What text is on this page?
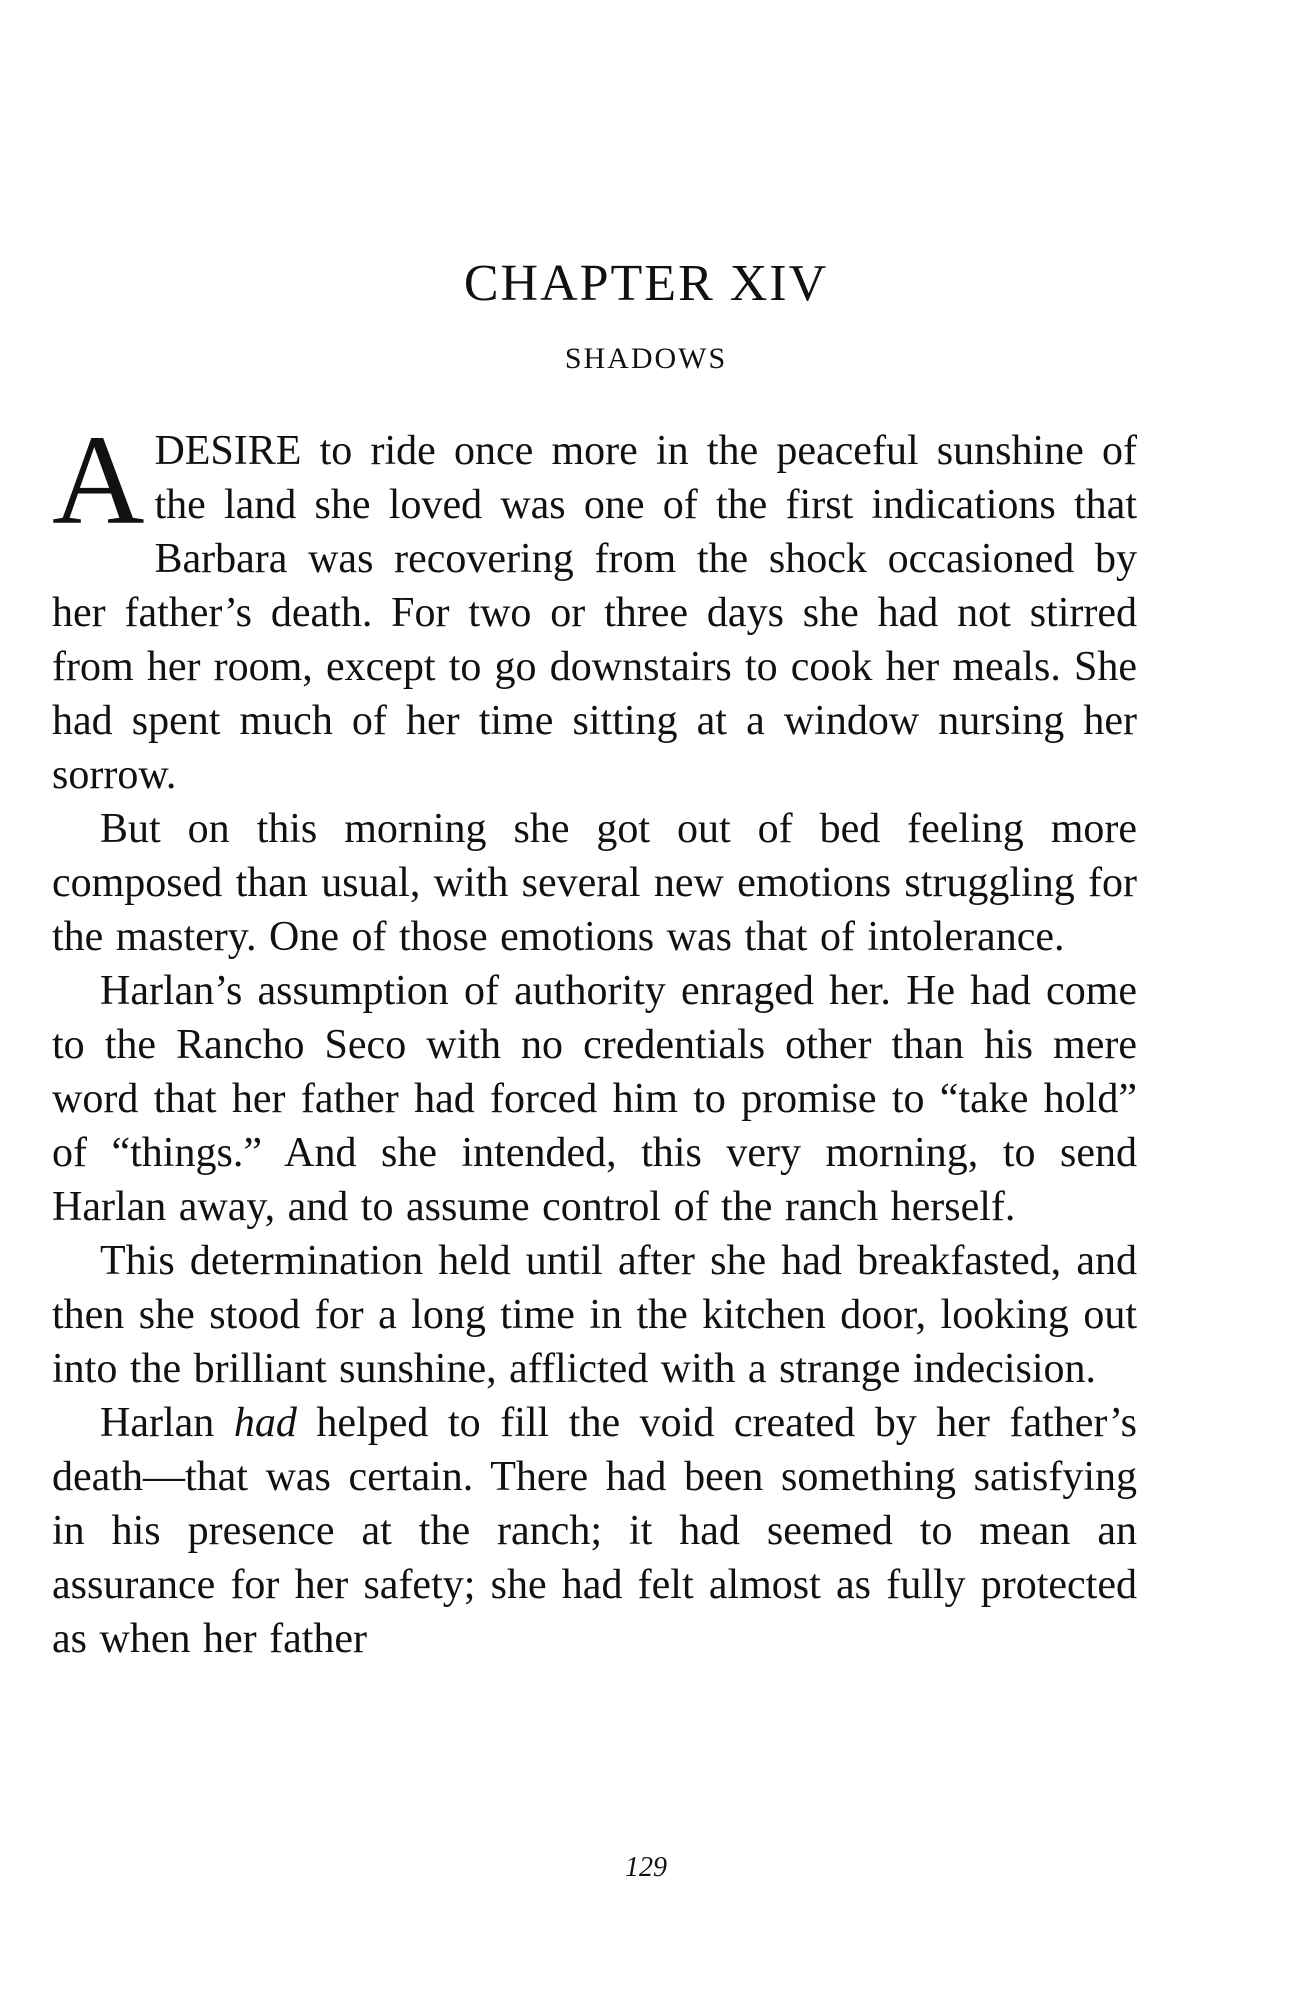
CHAPTER XIV
SHADOWS

ADESIRE to ride once more in the peaceful sunshine of the land she loved was one of the first indications that Barbara was recovering from the shock occasioned by her father’s death. For two or three days she had not stirred from her room, except to go downstairs to cook her meals. She had spent much of her time sitting at a window nursing her sorrow.

But on this morning she got out of bed feeling more composed than usual, with several new emotions struggling for the mastery. One of those emotions was that of intolerance.

Harlan’s assumption of authority enraged her. He had come to the Rancho Seco with no credentials other than his mere word that her father had forced him to promise to “take hold” of “things.” And she intended, this very morning, to send Harlan away, and to assume control of the ranch herself.

This determination held until after she had breakfasted, and then she stood for a long time in the kitchen door, looking out into the brilliant sunshine, afflicted with a strange indecision.

Harlan had helped to fill the void created by her father’s death—that was certain. There had been something satisfying in his presence at the ranch; it had seemed to mean an assurance for her safety; she had felt almost as fully protected as when her father

129
